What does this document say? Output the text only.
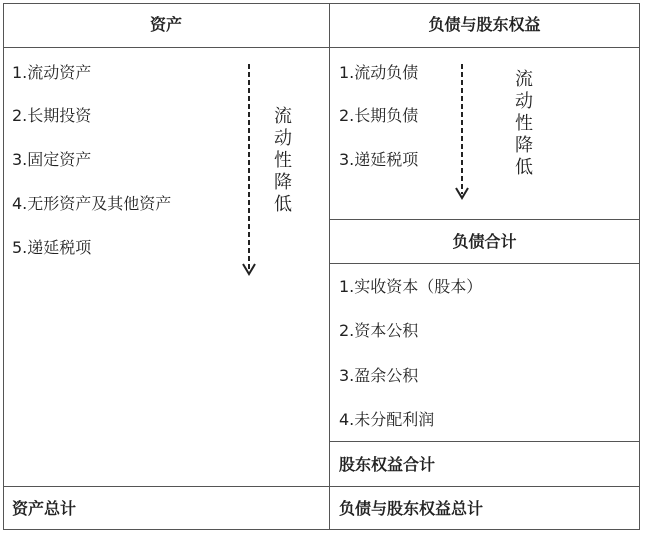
资产	负债与股东权益
1.流动资产
2.长期投资
3.固定资产
4.无形资产及其他资产
5.递延税项
流动性降低
1.流动负债
2.长期负债
3.递延税项
流动性降低
负债合计
1.实收资本（股本）
2.资本公积
3.盈余公积
4.未分配利润
股东权益合计
资产总计	负债与股东权益总计
